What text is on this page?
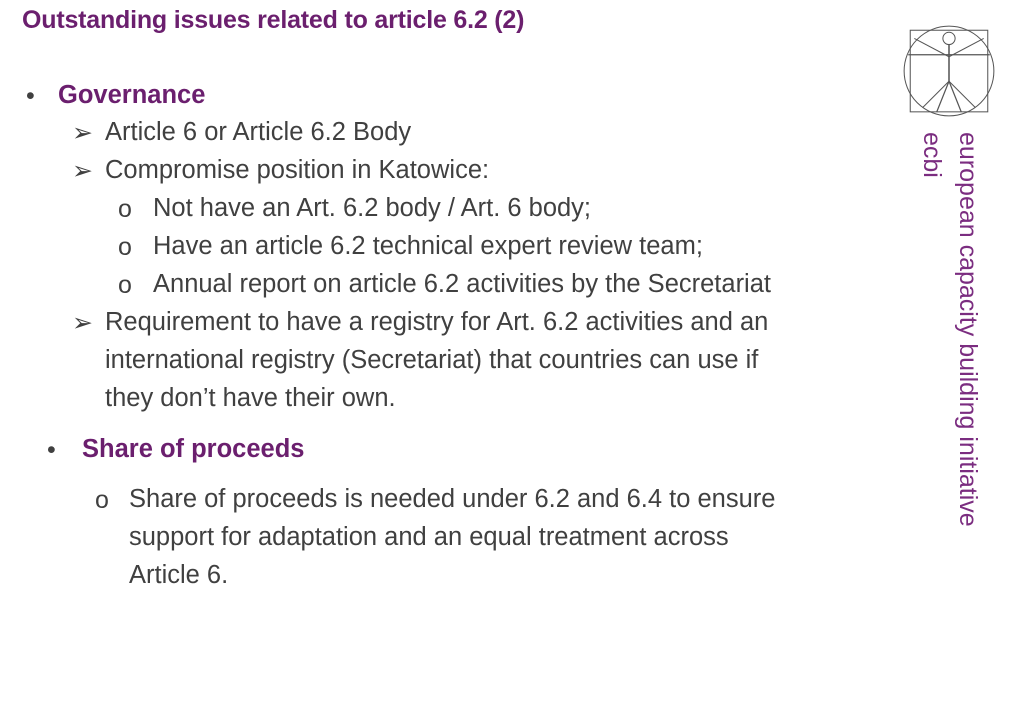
Outstanding issues related to article 6.2 (2)
• Governance
➢ Article 6 or Article 6.2 Body
➢ Compromise position in Katowice:
o Not have an Art. 6.2 body / Art. 6 body;
o Have an article 6.2 technical expert review team;
o Annual report on article 6.2 activities by the Secretariat
➢ Requirement to have a registry for Art. 6.2 activities and an
international registry (Secretariat) that countries can use if
they don’t have their own.
• Share of proceeds
o Share of proceeds is needed under 6.2 and 6.4 to ensure
support for adaptation and an equal treatment across
Article 6.
european capacity building initiative
ecbi
